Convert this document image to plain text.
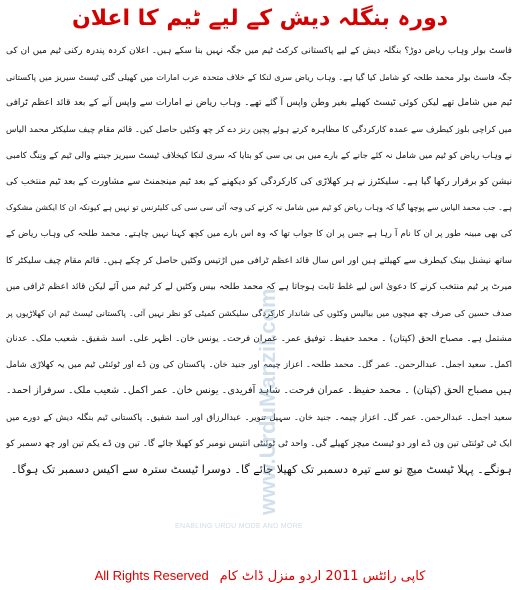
دورہ بنگلہ دیش کے لیے ٹیم کا اعلان
فاسٹ بولر وہاب ریاض دوڑ؟ بنگلہ دیش کے لیے پاکستانی کرکٹ ٹیم میں جگہ نہیں بنا سکے ہیں۔ اعلان کردہ پندرہ رکنی ٹیم میں ان کی
جگہ فاسٹ بولر محمد طلحہ کو شامل کیا گیا ہے۔ وہاب ریاض سری لنکا کے خلاف متحدہ عرب امارات میں کھیلی گئی ٹیسٹ سیریز میں پاکستانی
ٹیم میں شامل تھے لیکن کوئی ٹیسٹ کھیلے بغیر وطن واپس آ گئے تھے۔ وہاب ریاض نے امارات سے واپس آنے کے بعد قائد اعظم ٹرافی
میں کراچی بلوز کیطرف سے عمدہ کارکردگی کا مظاہرہ کرتے ہوئے پچپن رنز دے کر چھ وکٹیں حاصل کیں۔ قائم مقام چیف سلیکٹر محمد الیاس
نے وہاب ریاض کو ٹیم میں شامل نہ کئے جانے کے بارے میں بی بی سی کو بتایا کہ سری لنکا کیخلاف ٹیسٹ سیریز جیتنے والی ٹیم کے ونِنگ کامبی
نیشن کو برقرار رکھا گیا ہے۔ سلیکٹرز نے ہر کھلاڑی کی کارکردگی کو دیکھنے کے بعد ٹیم مینجمنٹ سے مشاورت کے بعد ٹیم منتخب کی
ہے۔ جب محمد الیاس سے پوچھا گیا کہ وہاب ریاض کو ٹیم میں شامل نہ کرنے کی وجہ آئی سی سی کی کلیئرنس تو نہیں ہے کیونکہ ان کا ایکشن مشکوک
کی بھی مبینہ طور پر ان کا نام آ رہا ہے جس پر ان کا جواب تھا کہ وہ اس بارے میں کچھ کہنا نہیں چاہتے۔ محمد طلحہ کی وہاب ریاض کے
ساتھ نیشنل بینک کیطرف سے کھیلتے ہیں اور اس سال قائد اعظم ٹرافی میں اڑتیس وکٹیں حاصل کر چکے ہیں۔ قائم مقام چیف سلیکٹر کا
میرٹ پر ٹیم منتخب کرنے کا دعویٰ اس لیے غلط ثابت ہوجاتا ہے کہ محمد طلحہ بیس وکٹیں لے کر ٹیم میں آئے لیکن قائد اعظم ٹرافی میں
صدف حسین کی صرف چھ میچوں میں بیالیس وکٹوں کی شاندار کارکردگی سلیکشن کمیٹی کو نظر نہیں آئی۔ پاکستانی ٹیسٹ ٹیم ان کھلاڑیوں پر
مشتمل ہے۔ مصباح الحق (کپتان) ۔ محمد حفیظ۔ توفیق عمر۔ عمران فرحت۔ یونس خان۔ اظہر علی۔ اسد شفیق۔ شعیب ملک۔ عدنان
اکمل۔ سعید اجمل۔ عبدالرحمن۔ عمر گل۔ محمد طلحہ۔ اعزاز چیمہ اور جنید خان۔ پاکستان کی ون ڈے اور ٹوئنٹی ٹیم میں یہ کھلاڑی شامل
ہیں مصباح الحق (کپتان) ۔ محمد حفیظ۔ عمران فرحت۔ شاہد آفریدی۔ یونس خان۔ عمر اکمل۔ شعیب ملک۔ سرفراز احمد۔
سعید اجمل۔ عبدالرحمن۔ عمر گل۔ اعزاز چیمہ۔ جنید خان۔ سہیل تنویر۔ عبدالرزاق اور اسد شفیق۔ پاکستانی ٹیم بنگلہ دیش کے دورے میں
ایک ٹی ٹوئنٹی تین ون ڈے اور دو ٹیسٹ میچز کھیلے گی۔ واحد ٹی ٹوئنٹی انتیس نومبر کو کھیلا جائے گا۔ تین ون ڈے یکم تین اور چھ دسمبر کو
ہونگے۔ پہلا ٹیسٹ میچ نو سے تیرہ دسمبر تک کھیلا جائے گا۔ دوسرا ٹیسٹ سترہ سے اکیس دسمبر تک ہوگا۔
www.UrduManzil.com
ENABLING URDU MODE AND MORE
کاپی رائٹس 2011 اردو منزل ڈاٹ کام   All Rights Reserved
